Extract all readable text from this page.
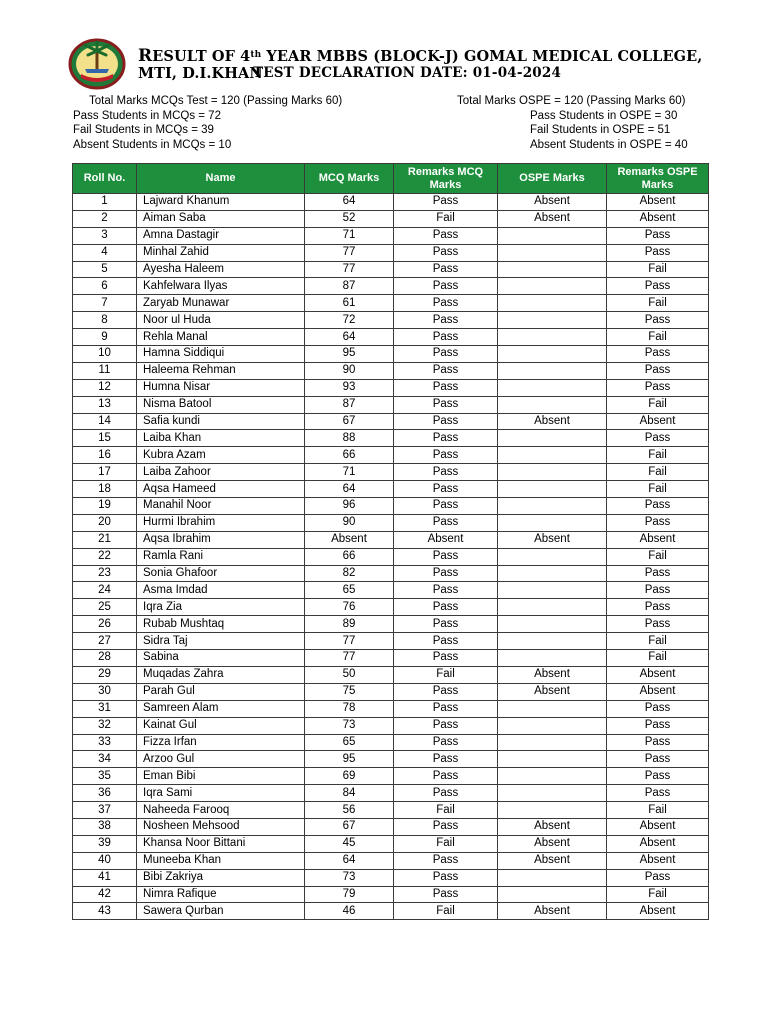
RESULT OF 4th YEAR MBBS (BLOCK-J) GOMAL MEDICAL COLLEGE, MTI, D.I.KHAN
TEST DECLARATION DATE: 01-04-2024
Total Marks MCQs Test = 120 (Passing Marks 60)
Pass Students in MCQs = 72
Fail Students in MCQs = 39
Absent Students in MCQs = 10
Total Marks OSPE = 120 (Passing Marks 60)
Pass Students in OSPE = 30
Fail Students in OSPE = 51
Absent Students in OSPE = 40
Roll No.	Name	MCQ Marks	Remarks MCQ Marks	OSPE Marks	Remarks OSPE Marks
1	Lajward Khanum	64	Pass	Absent	Absent
2	Aiman Saba	52	Fail	Absent	Absent
3	Amna Dastagir	71	Pass		Pass
4	Minhal Zahid	77	Pass		Pass
5	Ayesha Haleem	77	Pass		Fail
6	Kahfelwara Ilyas	87	Pass		Pass
7	Zaryab Munawar	61	Pass		Fail
8	Noor ul Huda	72	Pass		Pass
9	Rehla Manal	64	Pass		Fail
10	Hamna Siddiqui	95	Pass		Pass
11	Haleema Rehman	90	Pass		Pass
12	Humna Nisar	93	Pass		Pass
13	Nisma Batool	87	Pass		Fail
14	Safia kundi	67	Pass	Absent	Absent
15	Laiba Khan	88	Pass		Pass
16	Kubra Azam	66	Pass		Fail
17	Laiba Zahoor	71	Pass		Fail
18	Aqsa Hameed	64	Pass		Fail
19	Manahil Noor	96	Pass		Pass
20	Hurmi Ibrahim	90	Pass		Pass
21	Aqsa Ibrahim	Absent	Absent	Absent	Absent
22	Ramla Rani	66	Pass		Fail
23	Sonia Ghafoor	82	Pass		Pass
24	Asma Imdad	65	Pass		Pass
25	Iqra Zia	76	Pass		Pass
26	Rubab Mushtaq	89	Pass		Pass
27	Sidra Taj	77	Pass		Fail
28	Sabina	77	Pass		Fail
29	Muqadas Zahra	50	Fail	Absent	Absent
30	Parah Gul	75	Pass	Absent	Absent
31	Samreen Alam	78	Pass		Pass
32	Kainat Gul	73	Pass		Pass
33	Fizza Irfan	65	Pass		Pass
34	Arzoo Gul	95	Pass		Pass
35	Eman Bibi	69	Pass		Pass
36	Iqra Sami	84	Pass		Pass
37	Naheeda Farooq	56	Fail		Fail
38	Nosheen Mehsood	67	Pass	Absent	Absent
39	Khansa Noor Bittani	45	Fail	Absent	Absent
40	Muneeba Khan	64	Pass	Absent	Absent
41	Bibi Zakriya	73	Pass		Pass
42	Nimra Rafique	79	Pass		Fail
43	Sawera Qurban	46	Fail	Absent	Absent
